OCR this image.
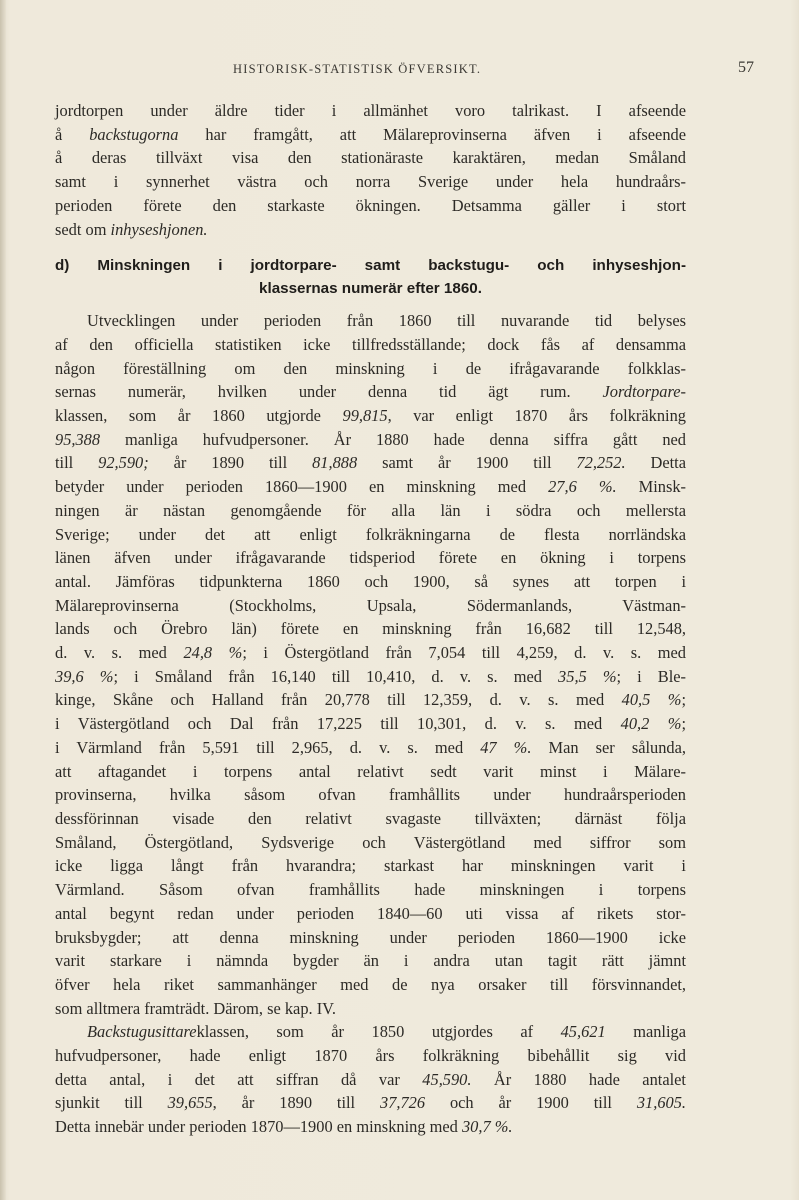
HISTORISK-STATISTISK ÖFVERSIKT.	57

jordtorpen under äldre tider i allmänhet voro talrikast. I afseende
å backstugorna har framgått, att Mälareprovinserna äfven i afseende
å deras tillväxt visa den stationäraste karaktären, medan Småland
samt i synnerhet västra och norra Sverige under hela hundraårs-
perioden förete den starkaste ökningen. Detsamma gäller i stort
sedt om inhyseshjonen.

d) Minskningen i jordtorpare- samt backstugu- och inhyseshjon-
klassernas numerär efter 1860.

Utvecklingen under perioden från 1860 till nuvarande tid belyses
af den officiella statistiken icke tillfredsställande; dock fås af densamma
någon föreställning om den minskning i de ifrågavarande folkklas-
sernas numerär, hvilken under denna tid ägt rum. Jordtorpare-
klassen, som år 1860 utgjorde 99,815, var enligt 1870 års folkräkning
95,388 manliga hufvudpersoner. År 1880 hade denna siffra gått ned
till 92,590; år 1890 till 81,888 samt år 1900 till 72,252. Detta
betyder under perioden 1860—1900 en minskning med 27,6 %. Minsk-
ningen är nästan genomgående för alla län i södra och mellersta
Sverige; under det att enligt folkräkningarna de flesta norrländska
länen äfven under ifrågavarande tidsperiod förete en ökning i torpens
antal. Jämföras tidpunkterna 1860 och 1900, så synes att torpen i
Mälareprovinserna (Stockholms, Upsala, Södermanlands, Västman-
lands och Örebro län) förete en minskning från 16,682 till 12,548,
d. v. s. med 24,8 %; i Östergötland från 7,054 till 4,259, d. v. s. med
39,6 %; i Småland från 16,140 till 10,410, d. v. s. med 35,5 %; i Ble-
kinge, Skåne och Halland från 20,778 till 12,359, d. v. s. med 40,5 %;
i Västergötland och Dal från 17,225 till 10,301, d. v. s. med 40,2 %;
i Värmland från 5,591 till 2,965, d. v. s. med 47 %. Man ser sålunda,
att aftagandet i torpens antal relativt sedt varit minst i Mälare-
provinserna, hvilka såsom ofvan framhållits under hundraårsperioden
dessförinnan visade den relativt svagaste tillväxten; därnäst följa
Småland, Östergötland, Sydsverige och Västergötland med siffror som
icke ligga långt från hvarandra; starkast har minskningen varit i
Värmland. Såsom ofvan framhållits hade minskningen i torpens
antal begynt redan under perioden 1840—60 uti vissa af rikets stor-
bruksbygder; att denna minskning under perioden 1860—1900 icke
varit starkare i nämnda bygder än i andra utan tagit rätt jämnt
öfver hela riket sammanhänger med de nya orsaker till försvinnandet,
som alltmera framträdt. Därom, se kap. IV.

Backstugusittareklassen, som år 1850 utgjordes af 45,621 manliga
hufvudpersoner, hade enligt 1870 års folkräkning bibehållit sig vid
detta antal, i det att siffran då var 45,590. År 1880 hade antalet
sjunkit till 39,655, år 1890 till 37,726 och år 1900 till 31,605.
Detta innebär under perioden 1870—1900 en minskning med 30,7 %.
